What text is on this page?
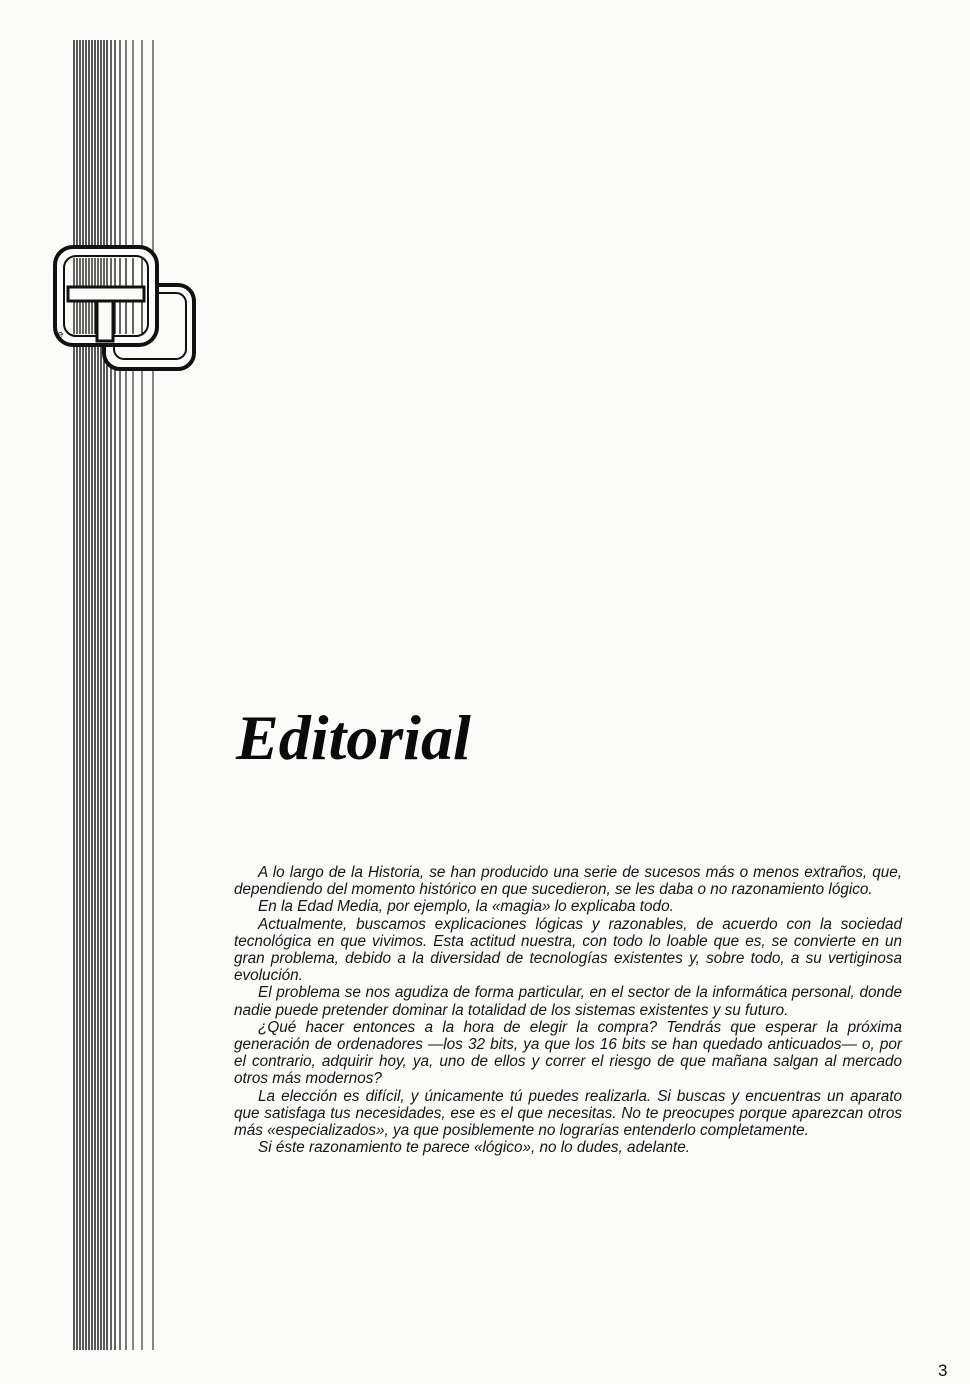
e
Editorial

A lo largo de la Historia, se han producido una serie de sucesos más o menos extraños, que, dependiendo del momento histórico en que sucedieron, se les daba o no razonamiento lógico.

En la Edad Media, por ejemplo, la «magia» lo explicaba todo.

Actualmente, buscamos explicaciones lógicas y razonables, de acuerdo con la sociedad tecnológica en que vivimos. Esta actitud nuestra, con todo lo loable que es, se convierte en un gran problema, debido a la diversidad de tecnologías existentes y, sobre todo, a su vertiginosa evolución.

El problema se nos agudiza de forma particular, en el sector de la informática personal, donde nadie puede pretender dominar la totalidad de los sistemas existentes y su futuro.

¿Qué hacer entonces a la hora de elegir la compra? Tendrás que esperar la próxima generación de ordenadores —los 32 bits, ya que los 16 bits se han quedado anticuados— o, por el contrario, adquirir hoy, ya, uno de ellos y correr el riesgo de que mañana salgan al mercado otros más modernos?

La elección es difícil, y únicamente tú puedes realizarla. Si buscas y encuentras un aparato que satisfaga tus necesidades, ese es el que necesitas. No te preocupes porque aparezcan otros más «especializados», ya que posiblemente no lograrías entenderlo completamente.

Si éste razonamiento te parece «lógico», no lo dudes, adelante.

3
